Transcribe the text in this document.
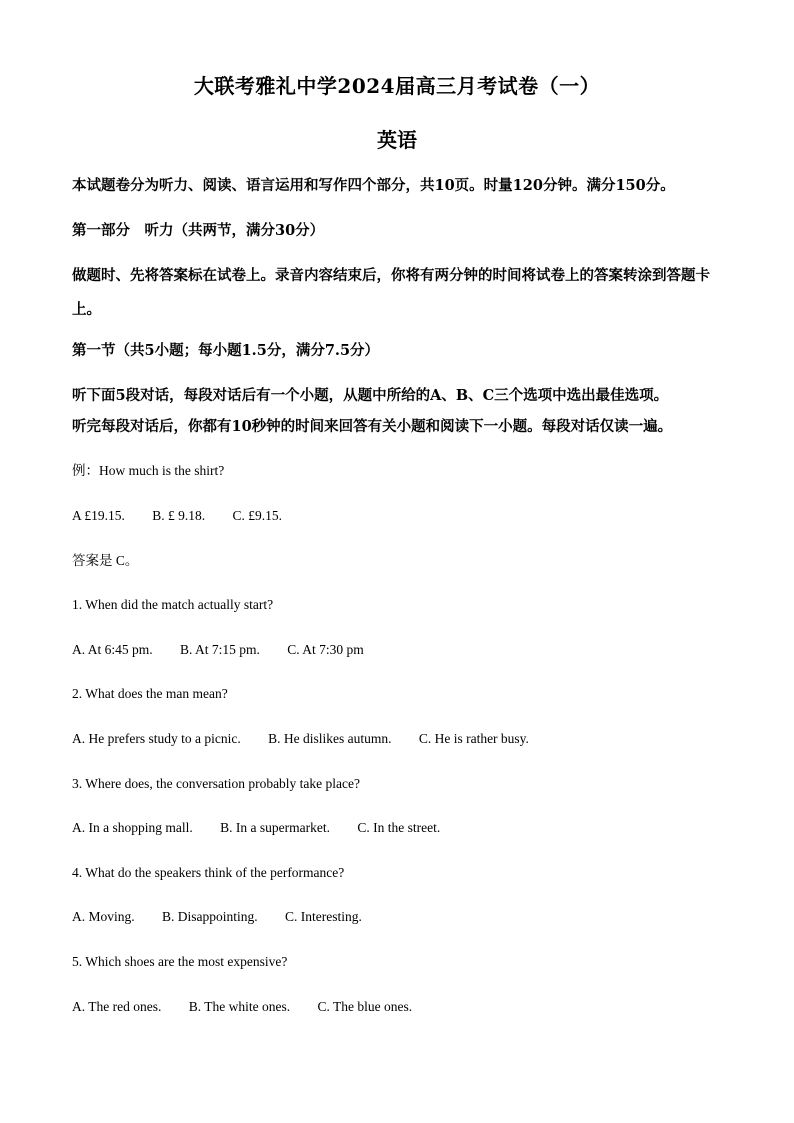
大联考雅礼中学2024届高三月考试卷（一）
英语
本试题卷分为听力、阅读、语言运用和写作四个部分，共10页。时量120分钟。满分150分。
第一部分　听力（共两节，满分30分）
做题时、先将答案标在试卷上。录音内容结束后，你将有两分钟的时间将试卷上的答案转涂到答题卡上。
第一节（共5小题；每小题1.5分，满分7.5分）
听下面5段对话，每段对话后有一个小题，从题中所给的A、B、C三个选项中选出最佳选项。
听完每段对话后，你都有10秒钟的时间来回答有关小题和阅读下一小题。每段对话仅读一遍。
例：How much is the shirt?
A £19.15. B. £ 9.18. C. £9.15.
答案是 C。
1. When did the match actually start?
A. At 6:45 pm. B. At 7:15 pm. C. At 7:30 pm
2. What does the man mean?
A. He prefers study to a picnic. B. He dislikes autumn. C. He is rather busy.
3. Where does, the conversation probably take place?
A. In a shopping mall. B. In a supermarket. C. In the street.
4. What do the speakers think of the performance?
A. Moving. B. Disappointing. C. Interesting.
5. Which shoes are the most expensive?
A. The red ones. B. The white ones. C. The blue ones.
